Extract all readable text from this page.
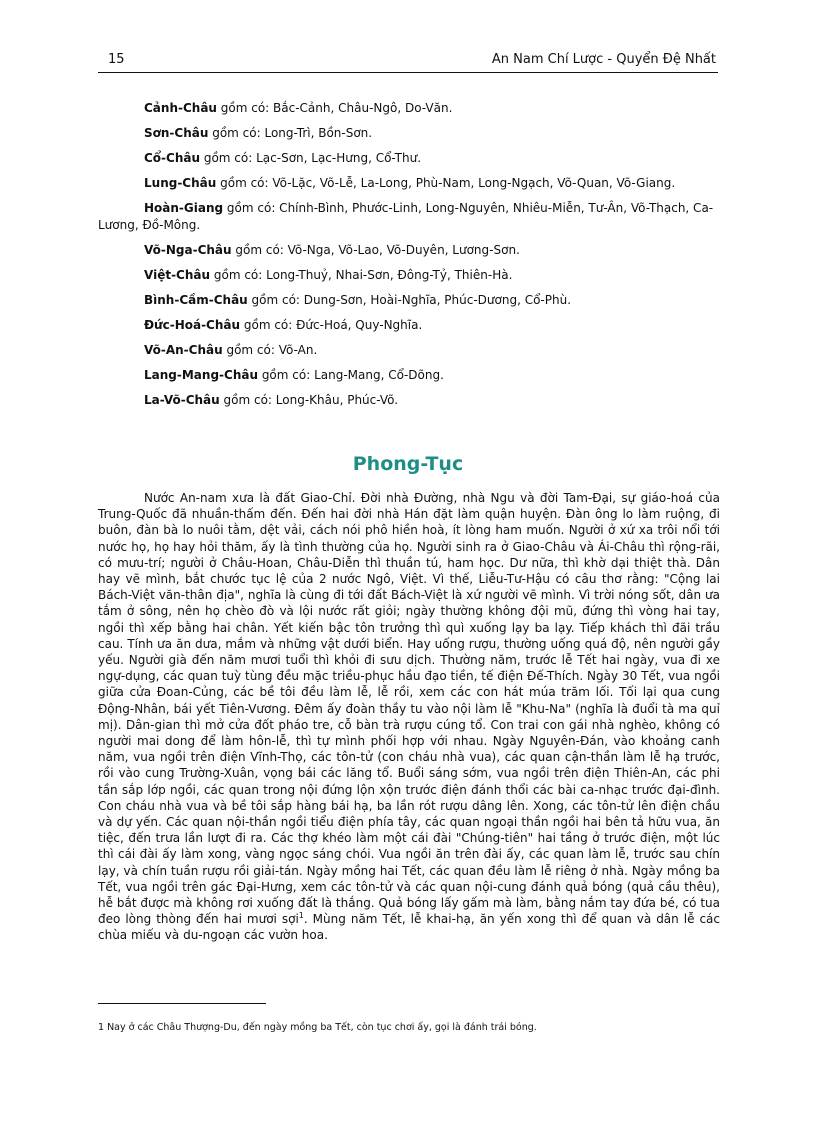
15	An Nam Chí Lược - Quyển Đệ Nhất

Cảnh-Châu gồm có: Bắc-Cảnh, Châu-Ngô, Do-Văn.

Sơn-Châu gồm có: Long-Trì, Bồn-Sơn.

Cổ-Châu gồm có: Lạc-Sơn, Lạc-Hưng, Cổ-Thư.

Lung-Châu gồm có: Võ-Lặc, Võ-Lễ, La-Long, Phù-Nam, Long-Ngạch, Võ-Quan, Võ-Giang.

Hoàn-Giang gồm có: Chính-Bình, Phước-Linh, Long-Nguyên, Nhiêu-Miễn, Tư-Ân, Võ-Thạch, Ca-Lương, Đồ-Mông.

Võ-Nga-Châu gồm có: Võ-Nga, Võ-Lao, Võ-Duyên, Lương-Sơn.

Việt-Châu gồm có: Long-Thuỷ, Nhai-Sơn, Đông-Tỷ, Thiên-Hà.

Bình-Cầm-Châu gồm có: Dung-Sơn, Hoài-Nghĩa, Phúc-Dương, Cổ-Phù.

Đức-Hoá-Châu gồm có: Đức-Hoá, Quy-Nghĩa.

Võ-An-Châu gồm có: Võ-An.

Lang-Mang-Châu gồm có: Lang-Mang, Cổ-Dõng.

La-Võ-Châu gồm có: Long-Khâu, Phúc-Võ.

Phong-Tục

Nước An-nam xưa là đất Giao-Chỉ. Đời nhà Đường, nhà Ngu và đời Tam-Đại, sự giáo-hoá của Trung-Quốc đã nhuần-thấm đến. Đến hai đời nhà Hán đặt làm quận huyện. Đàn ông lo làm ruộng, đi buôn, đàn bà lo nuôi tằm, dệt vải, cách nói phô hiền hoà, ít lòng ham muốn. Người ở xứ xa trôi nổi tới nước họ, họ hay hỏi thăm, ấy là tình thường của họ. Người sinh ra ở Giao-Châu và Ái-Châu thì rộng-rãi, có mưu-trí; người ở Châu-Hoan, Châu-Diễn thì thuần tú, ham học. Dư nữa, thì khờ dại thiệt thà. Dân hay vẽ mình, bắt chước tục lệ của 2 nước Ngô, Việt. Vì thế, Liễu-Tư-Hậu có câu thơ rằng: "Cộng lai Bách-Việt văn-thân địa", nghĩa là cùng đi tới đất Bách-Việt là xứ người vẽ mình. Vì trời nóng sốt, dân ưa tắm ở sông, nên họ chèo đò và lội nước rất giỏi; ngày thường không đội mũ, đứng thì vòng hai tay, ngồi thì xếp bằng hai chân. Yết kiến bậc tôn trưởng thì quì xuống lạy ba lạy. Tiếp khách thì đãi trầu cau. Tính ưa ăn dưa, mắm và những vật dưới biển. Hay uống rượu, thường uống quá độ, nên người gầy yếu. Người già đến năm mươi tuổi thì khỏi đi sưu dịch. Thường năm, trước lễ Tết hai ngày, vua đi xe ngự-dụng, các quan tuỳ tùng đều mặc triều-phục hầu đạo tiền, tế điện Đế-Thích. Ngày 30 Tết, vua ngồi giữa cửa Đoan-Củng, các bề tôi đều làm lễ, lễ rồi, xem các con hát múa trăm lối. Tối lại qua cung Động-Nhân, bái yết Tiên-Vương. Đêm ấy đoàn thầy tu vào nội làm lễ "Khu-Na" (nghĩa là đuổi tà ma quỉ mị). Dân-gian thì mở cửa đốt pháo tre, cỗ bàn trà rượu cúng tổ. Con trai con gái nhà nghèo, không có người mai dong để làm hôn-lễ, thì tự mình phối hợp với nhau. Ngày Nguyên-Đán, vào khoảng canh năm, vua ngồi trên điện Vĩnh-Thọ, các tôn-tử (con cháu nhà vua), các quan cận-thần làm lễ hạ trước, rồi vào cung Trường-Xuân, vọng bái các lăng tổ. Buổi sáng sớm, vua ngồi trên điện Thiên-An, các phi tần sắp lớp ngồi, các quan trong nội đứng lộn xộn trước điện đánh thổi các bài ca-nhạc trước đại-đình. Con cháu nhà vua và bề tôi sắp hàng bái hạ, ba lần rót rượu dâng lên. Xong, các tôn-tử lên điện chầu và dự yến. Các quan nội-thần ngồi tiểu điện phía tây, các quan ngoại thần ngồi hai bên tả hữu vua, ăn tiệc, đến trưa lần lượt đi ra. Các thợ khéo làm một cái đài "Chúng-tiên" hai tầng ở trước điện, một lúc thì cái đài ấy làm xong, vàng ngọc sáng chói. Vua ngồi ăn trên đài ấy, các quan làm lễ, trước sau chín lạy, và chín tuần rượu rồi giải-tán. Ngày mồng hai Tết, các quan đều làm lễ riêng ở nhà. Ngày mồng ba Tết, vua ngồi trên gác Đại-Hưng, xem các tôn-tử và các quan nội-cung đánh quả bóng (quả cầu thêu), hễ bắt được mà không rơi xuống đất là thắng. Quả bóng lấy gấm mà làm, bằng nắm tay đứa bé, có tua đeo lòng thòng đến hai mươi sợi$^1$. Mùng năm Tết, lễ khai-hạ, ăn yến xong thì để quan và dân lễ các chùa miếu và du-ngoạn các vườn hoa.

1 Nay ở các Châu Thượng-Du, đến ngày mồng ba Tết, còn tục chơi ấy, gọi là đánh trái bóng.
